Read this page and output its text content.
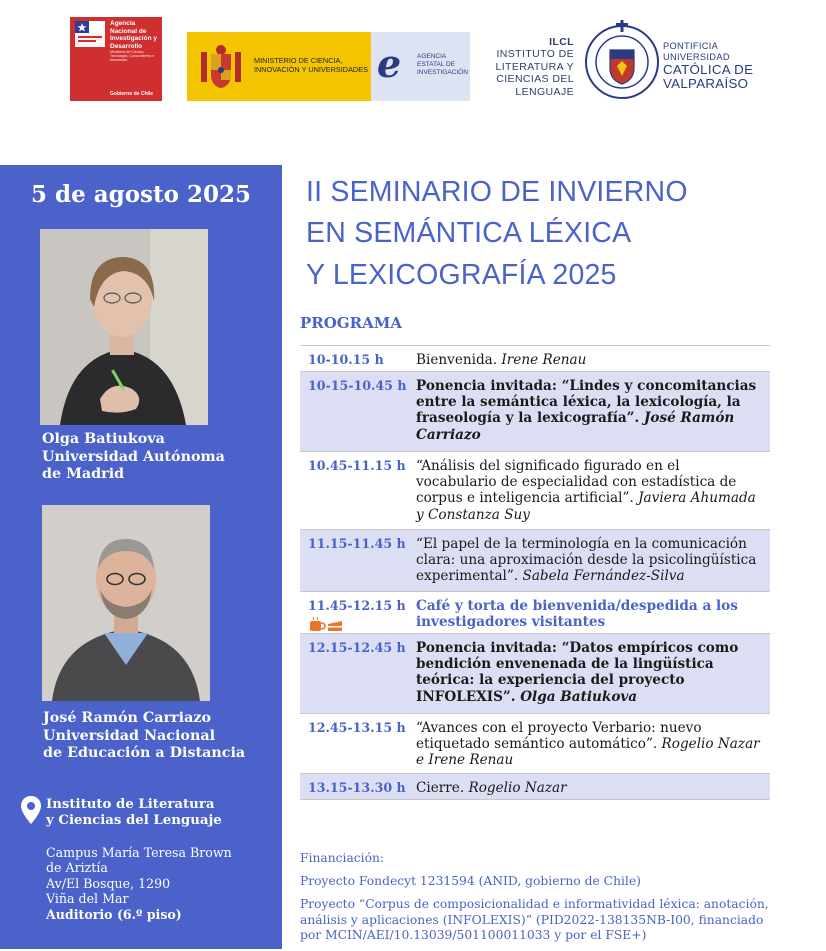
Agencia Nacional de Investigación y Desarrollo
Ministerio de Ciencia, Tecnología, Conocimiento e Innovación
Gobierno de Chile
MINISTERIO DE CIENCIA, INNOVACIÓN Y UNIVERSIDADES e AGENCIA ESTATAL DE INVESTIGACIÓN
ILCL
INSTITUTO DE
LITERATURA Y
CIENCIAS DEL
LENGUAJE
PONTIFICIA
UNIVERSIDAD
CATÓLICA DE
VALPARAÍSO
5 de agosto 2025
Olga Batiukova
Universidad Autónoma
de Madrid
José Ramón Carriazo
Universidad Nacional
de Educación a Distancia
Instituto de Literatura
y Ciencias del Lenguaje
Campus María Teresa Brown
de Ariztía
Av/El Bosque, 1290
Viña del Mar
Auditorio (6.º piso)
II SEMINARIO DE INVIERNO
EN SEMÁNTICA LÉXICA
Y LEXICOGRAFÍA 2025
PROGRAMA
10-10.15 h	Bienvenida. Irene Renau
10-15-10.45 h Ponencia invitada: “Lindes y concomitancias entre la semántica léxica, la lexicología, la fraseología y la lexicografía”. José Ramón Carriazo
10.45-11.15 h “Análisis del significado figurado en el vocabulario de especialidad con estadística de corpus e inteligencia artificial”. Javiera Ahumada y Constanza Suy
11.15-11.45 h “El papel de la terminología en la comunicación clara: una aproximación desde la psicolingüística experimental”. Sabela Fernández-Silva
11.45-12.15 h Café y torta de bienvenida/despedida a los investigadores visitantes
12.15-12.45 h Ponencia invitada: “Datos empíricos como bendición envenenada de la lingüística teórica: la experiencia del proyecto INFOLEXIS”. Olga Batiukova
12.45-13.15 h “Avances con el proyecto Verbario: nuevo etiquetado semántico automático”. Rogelio Nazar e Irene Renau
13.15-13.30 h Cierre. Rogelio Nazar

Financiación:

Proyecto Fondecyt 1231594 (ANID, gobierno de Chile)

Proyecto “Corpus de composicionalidad e informatividad léxica: anotación, análisis y aplicaciones (INFOLEXIS)” (PID2022-138135NB-I00, financiado por MCIN/AEI/10.13039/501100011033 y por el FSE+)
